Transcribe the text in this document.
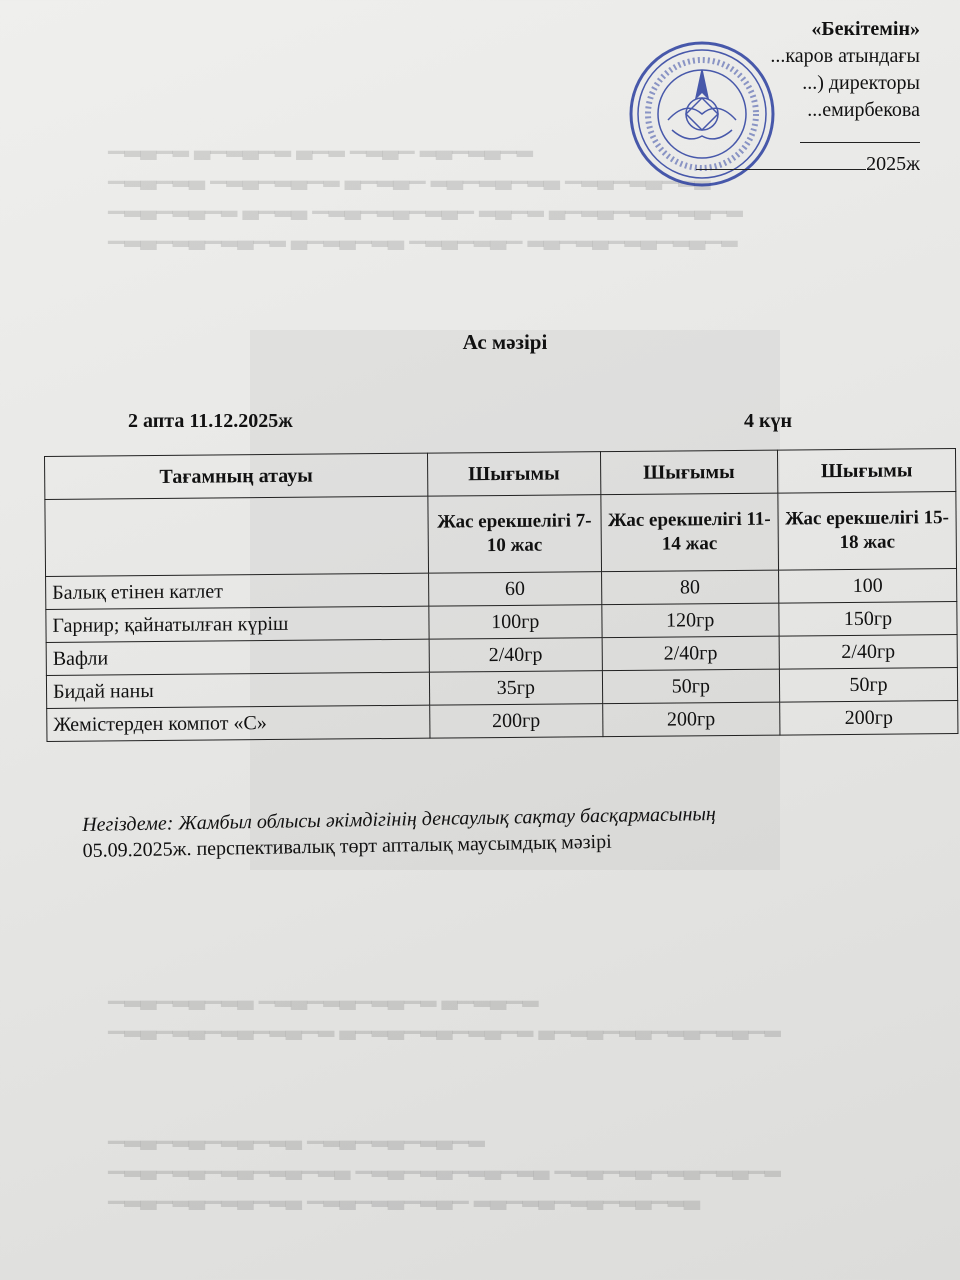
▁▂▃▁▂ ▃▁▂▃▁▂ ▃▁▂ ▁▂▃▁ ▂▃▁▂▃▁▂
▁▂▃▁▂▃ ▁▂▃▁▂▃▁▂ ▃▁▂▃▁ ▂▃▁▂▃▁▂▃ ▁▂▃▁▂▃▁▂▃
▁▂▃▁▂▃▁▂ ▃▁▂▃ ▁▂▃▁▂▃▁▂▃▁ ▂▃▁▂ ▃▁▂▃▁▂▃▁▂▃▁▂
▁▂▃▁▂▃▁▂▃▁▂ ▃▁▂▃▁▂▃ ▁▂▃▁▂▃▁ ▂▃▁▂▃▁▂▃▁▂▃▁▂
▁▂▃▁▂▃▁▂▃ ▁▂▃▁▂▃▁▂▃▁▂ ▃▁▂▃▁▂
▁▂▃▁▂▃▁▂▃▁▂▃▁▂ ▃▁▂▃▁▂▃▁▂▃▁▂ ▃▁▂▃▁▂▃▁▂▃▁▂▃▁▂
▁▂▃▁▂▃▁▂▃▁▂▃ ▁▂▃▁▂▃▁▂▃▁▂
▁▂▃▁▂▃▁▂▃▁▂▃▁▂▃ ▁▂▃▁▂▃▁▂▃▁▂▃ ▁▂▃▁▂▃▁▂▃▁▂▃▁▂
▁▂▃▁▂▃▁▂▃▁▂▃ ▁▂▃▁▂▃▁▂▃▁ ▂▃▁▂▃▁▂▃▁▂▃▁▂▃
«Бекітемін»
...каров атындағы
...) директоры
...емирбекова
2025ж
Ас мәзірі
2 апта 11.12.2025ж	4 күн
Тағамның атауы	Шығымы	Шығымы	Шығымы
	Жас ерекшелігі 7-10 жас	Жас ерекшелігі 11-14 жас	Жас ерекшелігі 15-18 жас
Балық етінен катлет	60	80	100
Гарнир; қайнатылған күріш	100гр	120гр	150гр
Вафли	2/40гр	2/40гр	2/40гр
Бидай наны	35гр	50гр	50гр
Жемістерден компот «С»	200гр	200гр	200гр
Негіздеме: Жамбыл облысы әкімдігінің денсаулық сақтау басқармасының
05.09.2025ж. перспективалық төрт апталық маусымдық мәзірі
